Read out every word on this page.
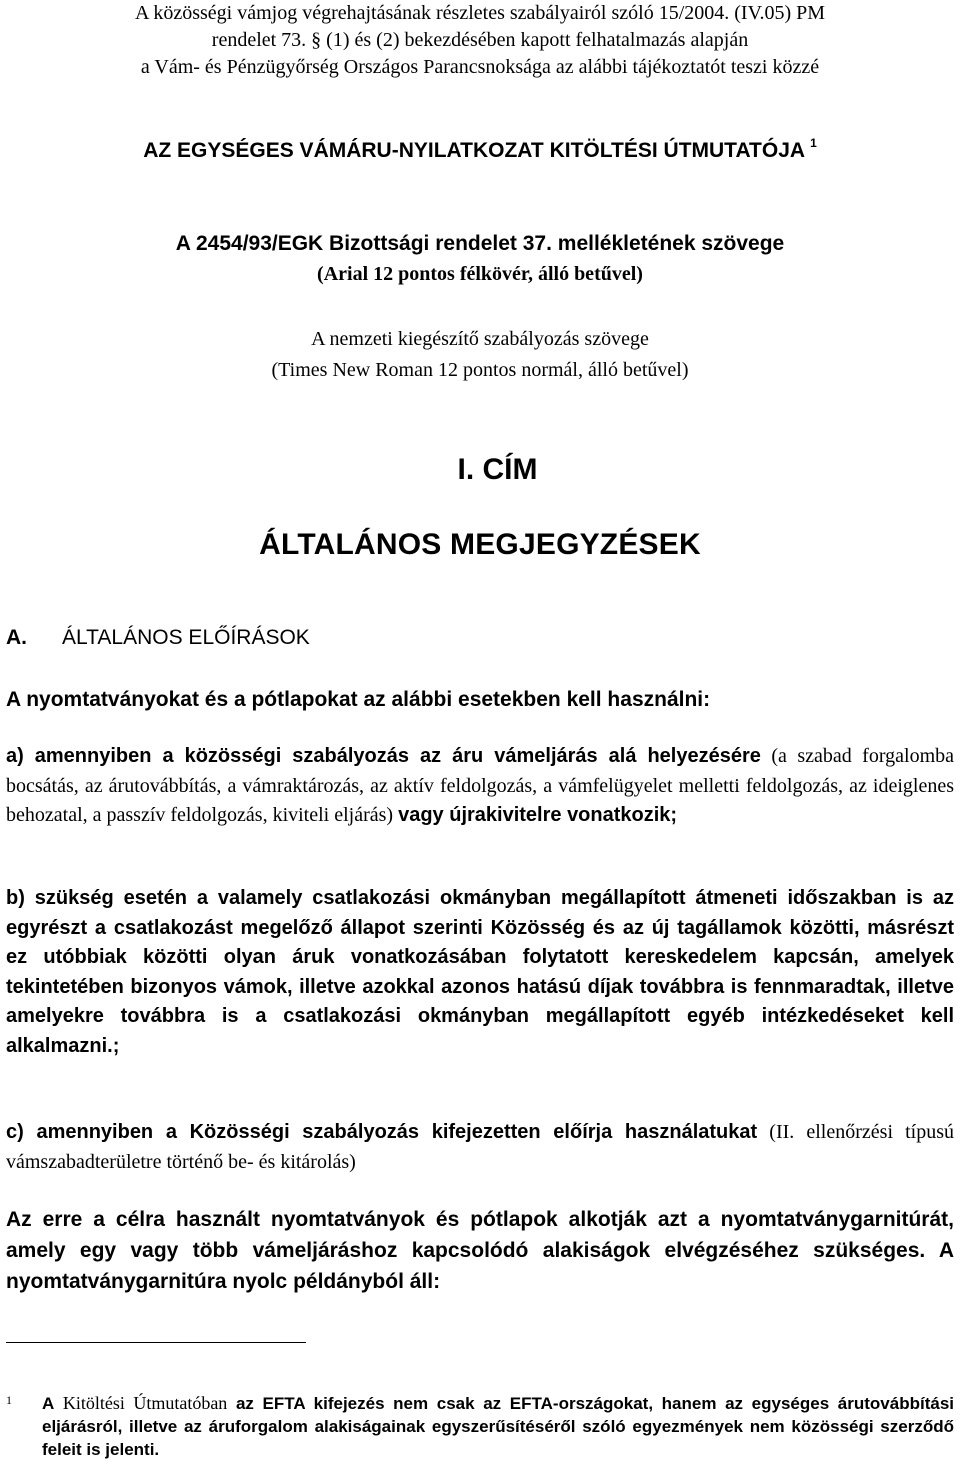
A közösségi vámjog végrehajtásának részletes szabályairól szóló 15/2004. (IV.05) PM
rendelet 73. § (1) és (2) bekezdésében kapott felhatalmazás alapján
a Vám- és Pénzügyőrség Országos Parancsnoksága az alábbi tájékoztatót teszi közzé
AZ EGYSÉGES VÁMÁRU-NYILATKOZAT KITÖLTÉSI ÚTMUTATÓJA $^1$
A 2454/93/EGK Bizottsági rendelet 37. mellékletének szövege
(Arial 12 pontos félkövér, álló betűvel)
A nemzeti kiegészítő szabályozás szövege
(Times New Roman 12 pontos normál, álló betűvel)
I. CÍM
ÁLTALÁNOS MEGJEGYZÉSEK
A. ÁLTALÁNOS ELŐÍRÁSOK
A nyomtatványokat és a pótlapokat az alábbi esetekben kell használni:
a) amennyiben a közösségi szabályozás az áru vámeljárás alá helyezésére (a szabad forgalomba bocsátás, az árutovábbítás, a vámraktározás, az aktív feldolgozás, a vámfelügyelet melletti feldolgozás, az ideiglenes behozatal, a passzív feldolgozás, kiviteli eljárás) vagy újrakivitelre vonatkozik;
b) szükség esetén a valamely csatlakozási okmányban megállapított átmeneti időszakban is az egyrészt a csatlakozást megelőző állapot szerinti Közösség és az új tagállamok közötti, másrészt ez utóbbiak közötti olyan áruk vonatkozásában folytatott kereskedelem kapcsán, amelyek tekintetében bizonyos vámok, illetve azokkal azonos hatású díjak továbbra is fennmaradtak, illetve amelyekre továbbra is a csatlakozási okmányban megállapított egyéb intézkedéseket kell alkalmazni.;
c) amennyiben a Közösségi szabályozás kifejezetten előírja használatukat (II. ellenőrzési típusú vámszabadterületre történő be- és kitárolás)
Az erre a célra használt nyomtatványok és pótlapok alkotják azt a nyomtatványgarnitúrát, amely egy vagy több vámeljáráshoz kapcsolódó alakiságok elvégzéséhez szükséges. A nyomtatványgarnitúra nyolc példányból áll:
1 A Kitöltési Útmutatóban az EFTA kifejezés nem csak az EFTA-országokat, hanem az egységes árutovábbítási eljárásról, illetve az áruforgalom alakiságainak egyszerűsítéséről szóló egyezmények nem közösségi szerződő feleit is jelenti.
